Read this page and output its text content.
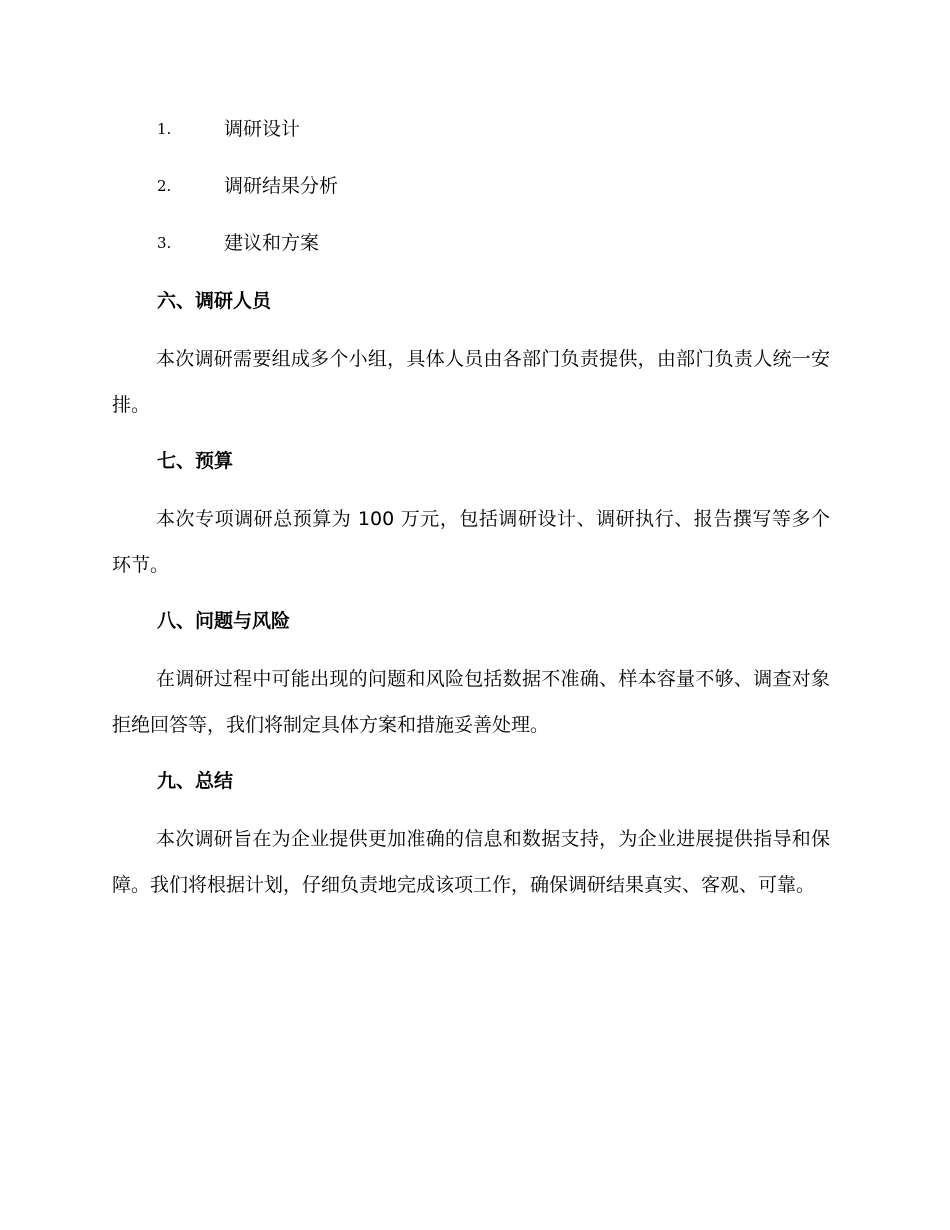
1.	调研设计
2.	调研结果分析
3.	建议和方案
六、调研人员
本次调研需要组成多个小组，具体人员由各部门负责提供，由部门负责人统一安排。
七、预算
本次专项调研总预算为 100 万元，包括调研设计、调研执行、报告撰写等多个环节。
八、问题与风险
在调研过程中可能出现的问题和风险包括数据不准确、样本容量不够、调查对象拒绝回答等，我们将制定具体方案和措施妥善处理。
九、总结
本次调研旨在为企业提供更加准确的信息和数据支持，为企业进展提供指导和保障。我们将根据计划，仔细负责地完成该项工作，确保调研结果真实、客观、可靠。
